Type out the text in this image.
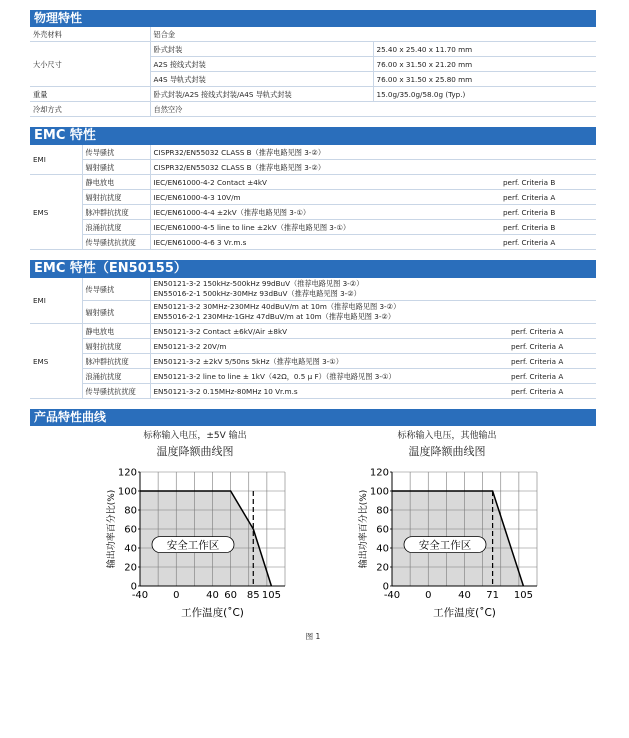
物理特性
外壳材料	铝合金	
大小尺寸	卧式封装	25.40 x 25.40 x 11.70 mm
	A2S 接线式封装	76.00 x 31.50 x 21.20 mm
	A4S 导轨式封装	76.00 x 31.50 x 25.80 mm
重量	卧式封装/A2S 接线式封装/A4S 导轨式封装	15.0g/35.0g/58.0g (Typ.)
冷却方式	自然空冷	
EMC 特性
EMI	传导骚扰	CISPR32/EN55032 CLASS B（推荐电路见图 3-②）	
	辐射骚扰	CISPR32/EN55032 CLASS B（推荐电路见图 3-②）	
EMS	静电放电	IEC/EN61000-4-2 Contact ±4kV	perf. Criteria B
	辐射抗扰度	IEC/EN61000-4-3 10V/m	perf. Criteria A
	脉冲群抗扰度	IEC/EN61000-4-4 ±2kV（推荐电路见图 3-①）	perf. Criteria B
	浪涌抗扰度	IEC/EN61000-4-5 line to line ±2kV（推荐电路见图 3-①）	perf. Criteria B
	传导骚扰抗扰度	IEC/EN61000-4-6 3 Vr.m.s	perf. Criteria A
EMC 特性（EN50155）
EMI	传导骚扰	EN50121-3-2 150kHz-500kHz 99dBuV（推荐电路见图 3-②）
EN55016-2-1 500kHz-30MHz 93dBuV（推荐电路见图 3-②）	

	辐射骚扰	EN50121-3-2 30MHz-230MHz 40dBuV/m at 10m（推荐电路见图 3-②）
EN55016-2-1 230MHz-1GHz 47dBuV/m at 10m（推荐电路见图 3-②）	

EMS	静电放电	EN50121-3-2 Contact ±6kV/Air ±8kV	perf. Criteria A
	辐射抗扰度	EN50121-3-2 20V/m	perf. Criteria A
	脉冲群抗扰度	EN50121-3-2 ±2kV 5/50ns 5kHz（推荐电路见图 3-①）	perf. Criteria A
	浪涌抗扰度	EN50121-3-2 line to line ± 1kV（42Ω，0.5 μ F）（推荐电路见图 3-①）	perf. Criteria A
	传导骚扰抗扰度	EN50121-3-2 0.15MHz-80MHz 10 Vr.m.s	perf. Criteria A
产品特性曲线
标称输入电压，±5V 输出
温度降额曲线图
0
20
40
60
80
100
120
-40 0	40 60 85 105
安全工作区
工作温度(˚C)
输出功率百分比(%)
标称输入电压，其他输出
温度降额曲线图
0
20
40
60
80
100
120
-40 0	40 71 105
安全工作区
工作温度(˚C)
输出功率百分比(%)
图 1
